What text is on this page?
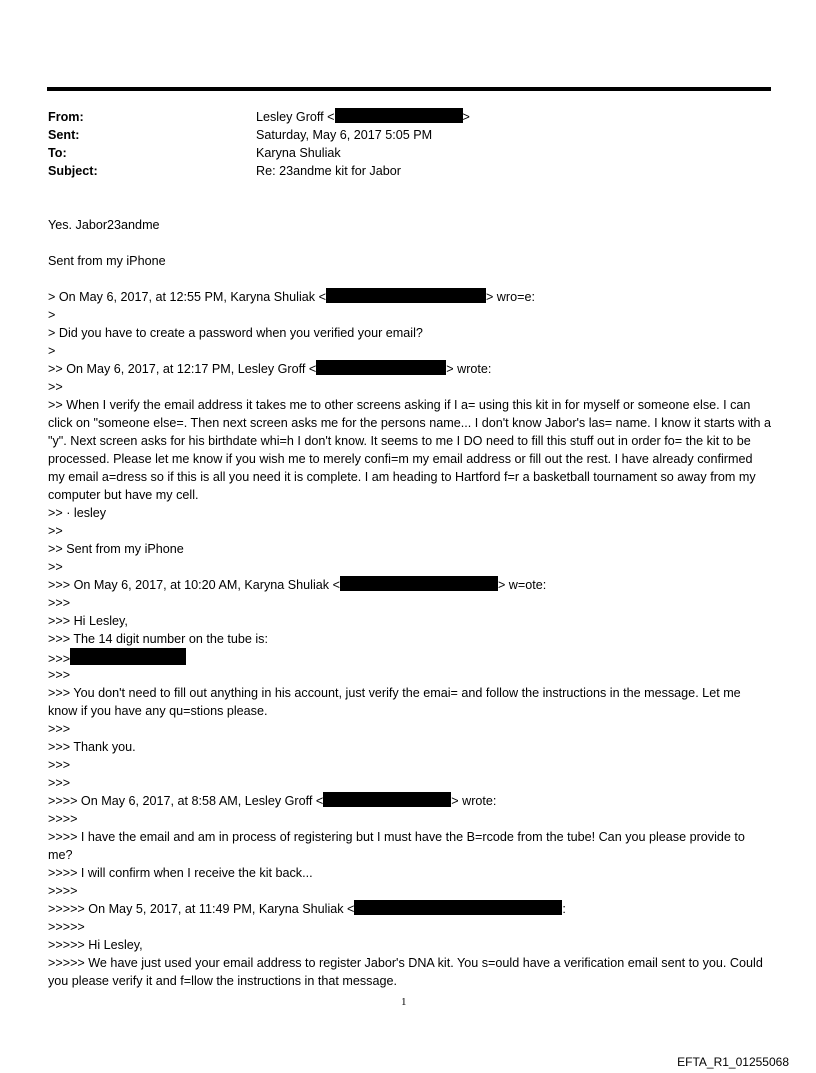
From:	Lesley Groff <	>
Sent:	Saturday, May 6, 2017 5:05 PM
To:	Karyna Shuliak
Subject:	Re: 23andme kit for Jabor
Yes. Jabor23andme
Sent from my iPhone
> On May 6, 2017, at 12:55 PM, Karyna Shuliak <	> wro=e:
>
> Did you have to create a password when you verified your email?
>
>> On May 6, 2017, at 12:17 PM, Lesley Groff <	> wrote:
>>
>> When I verify the email address it takes me to other screens asking if I a= using this kit in for myself or someone else. I can click on "someone else=. Then next screen asks me for the persons name... I don't know Jabor's las= name. I know it starts with a "y". Next screen asks for his birthdate whi=h I don't know. It seems to me I DO need to fill this stuff out in order fo= the kit to be processed. Please let me know if you wish me to merely confi=m my email address or fill out the rest. I have already confirmed my email a=dress so if this is all you need it is complete. I am heading to Hartford f=r a basketball tournament so away from my computer but have my cell.
>> · lesley
>>
>> Sent from my iPhone
>>
>>> On May 6, 2017, at 10:20 AM, Karyna Shuliak <	> w=ote:
>>>
>>> Hi Lesley,
>>> The 14 digit number on the tube is:
>>>
>>>
>>> You don't need to fill out anything in his account, just verify the emai= and follow the instructions in the message. Let me know if you have any qu=stions please.
>>>
>>> Thank you.
>>>
>>>
>>>> On May 6, 2017, at 8:58 AM, Lesley Groff <	> wrote:
>>>>
>>>> I have the email and am in process of registering but I must have the B=rcode from the tube! Can you please provide to me?
>>>> I will confirm when I receive the kit back...
>>>>
>>>>> On May 5, 2017, at 11:49 PM, Karyna Shuliak <	:
>>>>>
>>>>> Hi Lesley,
>>>>> We have just used your email address to register Jabor's DNA kit. You s=ould have a verification email sent to you. Could you please verify it and f=llow the instructions in that message.
1
EFTA_R1_01255068
